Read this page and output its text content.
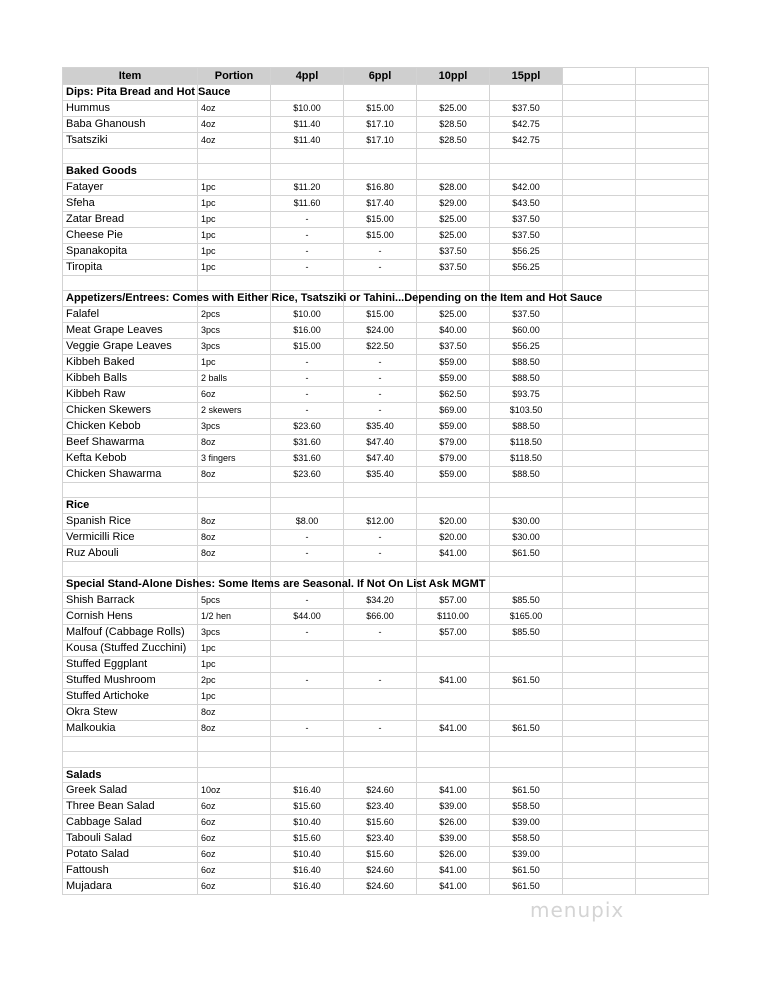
Item	Portion	4ppl	6ppl	10ppl	15ppl		

Dips: Pita Bread and Hot Sauce							

Hummus	4oz	$10.00	$15.00	$25.00	$37.50		
Baba Ghanoush	4oz	$11.40	$17.10	$28.50	$42.75		
Tsatsziki	4oz	$11.40	$17.10	$28.50	$42.75		

Baked Goods							

Fatayer	1pc	$11.20	$16.80	$28.00	$42.00		
Sfeha	1pc	$11.60	$17.40	$29.00	$43.50		
Zatar Bread	1pc	-	$15.00	$25.00	$37.50		
Cheese Pie	1pc	-	$15.00	$25.00	$37.50		
Spanakopita	1pc	-	-	$37.50	$56.25		
Tiropita	1pc	-	-	$37.50	$56.25		

Appetizers/Entrees: Comes with Either Rice, Tsatsziki or Tahini...Depending on the Item and Hot Sauce							

Falafel	2pcs	$10.00	$15.00	$25.00	$37.50		
Meat Grape Leaves	3pcs	$16.00	$24.00	$40.00	$60.00		
Veggie Grape Leaves	3pcs	$15.00	$22.50	$37.50	$56.25		
Kibbeh Baked	1pc	-	-	$59.00	$88.50		
Kibbeh Balls	2 balls	-	-	$59.00	$88.50		
Kibbeh Raw	6oz	-	-	$62.50	$93.75		
Chicken Skewers	2 skewers	-	-	$69.00	$103.50		
Chicken Kebob	3pcs	$23.60	$35.40	$59.00	$88.50		
Beef Shawarma	8oz	$31.60	$47.40	$79.00	$118.50		
Kefta Kebob	3 fingers	$31.60	$47.40	$79.00	$118.50		
Chicken Shawarma	8oz	$23.60	$35.40	$59.00	$88.50		

Rice							

Spanish Rice	8oz	$8.00	$12.00	$20.00	$30.00		
Vermicilli Rice	8oz	-	-	$20.00	$30.00		
Ruz Abouli	8oz	-	-	$41.00	$61.50		

Special Stand-Alone Dishes: Some Items are Seasonal. If Not On List Ask MGMT							

Shish Barrack	5pcs	-	$34.20	$57.00	$85.50		
Cornish Hens	1/2 hen	$44.00	$66.00	$110.00	$165.00		
Malfouf (Cabbage Rolls)	3pcs	-	-	$57.00	$85.50		
Kousa (Stuffed Zucchini)	1pc						
Stuffed Eggplant	1pc						
Stuffed Mushroom	2pc	-	-	$41.00	$61.50		
Stuffed Artichoke	1pc						
Okra Stew	8oz						
Malkoukia	8oz	-	-	$41.00	$61.50		

Salads							

Greek Salad	10oz	$16.40	$24.60	$41.00	$61.50		
Three Bean Salad	6oz	$15.60	$23.40	$39.00	$58.50		
Cabbage Salad	6oz	$10.40	$15.60	$26.00	$39.00		
Tabouli Salad	6oz	$15.60	$23.40	$39.00	$58.50		
Potato Salad	6oz	$10.40	$15.60	$26.00	$39.00		
Fattoush	6oz	$16.40	$24.60	$41.00	$61.50		
Mujadara	6oz	$16.40	$24.60	$41.00	$61.50		
menupix
